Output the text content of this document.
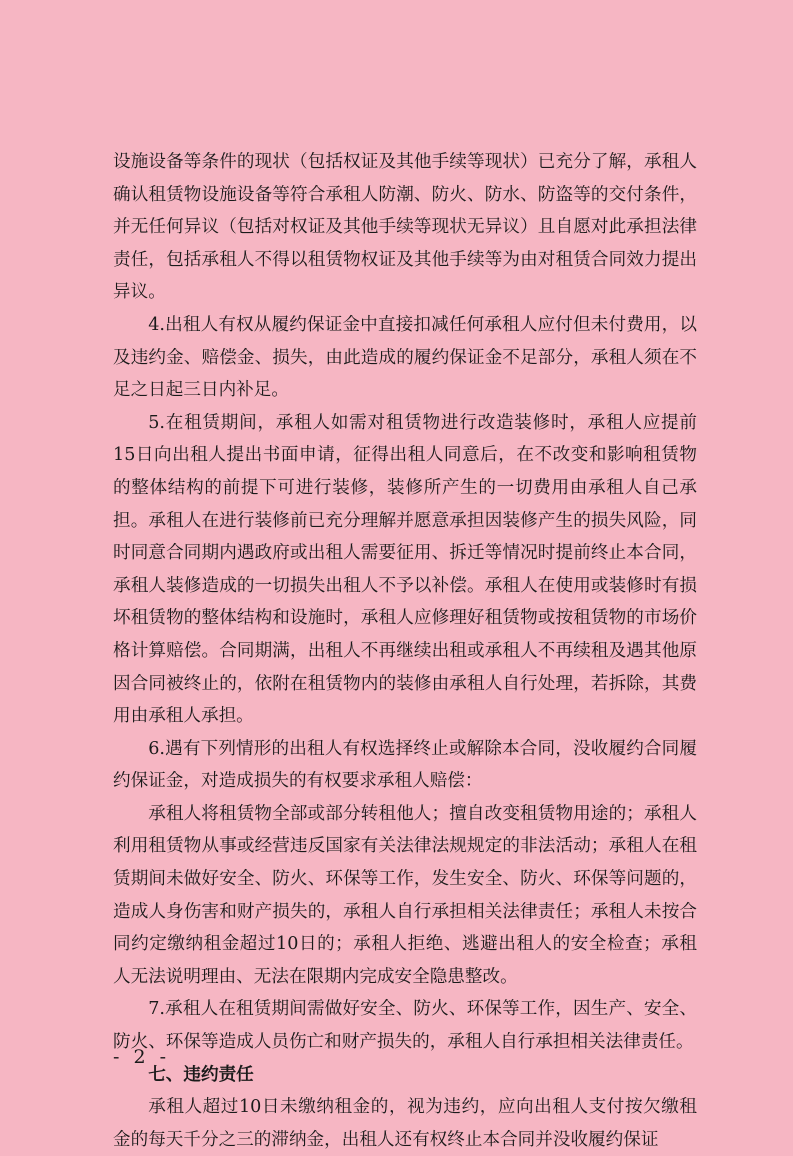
设施设备等条件的现状（包括权证及其他手续等现状）已充分了解，承租人确认租赁物设施设备等符合承租人防潮、防火、防水、防盗等的交付条件，并无任何异议（包括对权证及其他手续等现状无异议）且自愿对此承担法律责任，包括承租人不得以租赁物权证及其他手续等为由对租赁合同效力提出异议。

4.出租人有权从履约保证金中直接扣减任何承租人应付但未付费用，以及违约金、赔偿金、损失，由此造成的履约保证金不足部分，承租人须在不足之日起三日内补足。

5.在租赁期间，承租人如需对租赁物进行改造装修时，承租人应提前15日向出租人提出书面申请，征得出租人同意后，在不改变和影响租赁物的整体结构的前提下可进行装修，装修所产生的一切费用由承租人自己承担。承租人在进行装修前已充分理解并愿意承担因装修产生的损失风险，同时同意合同期内遇政府或出租人需要征用、拆迁等情况时提前终止本合同，承租人装修造成的一切损失出租人不予以补偿。承租人在使用或装修时有损坏租赁物的整体结构和设施时，承租人应修理好租赁物或按租赁物的市场价格计算赔偿。合同期满，出租人不再继续出租或承租人不再续租及遇其他原因合同被终止的，依附在租赁物内的装修由承租人自行处理，若拆除，其费用由承租人承担。

6.遇有下列情形的出租人有权选择终止或解除本合同，没收履约合同履约保证金，对造成损失的有权要求承租人赔偿：

承租人将租赁物全部或部分转租他人；擅自改变租赁物用途的；承租人利用租赁物从事或经营违反国家有关法律法规规定的非法活动；承租人在租赁期间未做好安全、防火、环保等工作，发生安全、防火、环保等问题的，造成人身伤害和财产损失的，承租人自行承担相关法律责任；承租人未按合同约定缴纳租金超过10日的；承租人拒绝、逃避出租人的安全检查；承租人无法说明理由、无法在限期内完成安全隐患整改。

7.承租人在租赁期间需做好安全、防火、环保等工作，因生产、安全、防火、环保等造成人员伤亡和财产损失的，承租人自行承担相关法律责任。

七、违约责任

承租人超过10日未缴纳租金的，视为违约，应向出租人支付按欠缴租金的每天千分之三的滞纳金，出租人还有权终止本合同并没收履约保证

- 2 -
